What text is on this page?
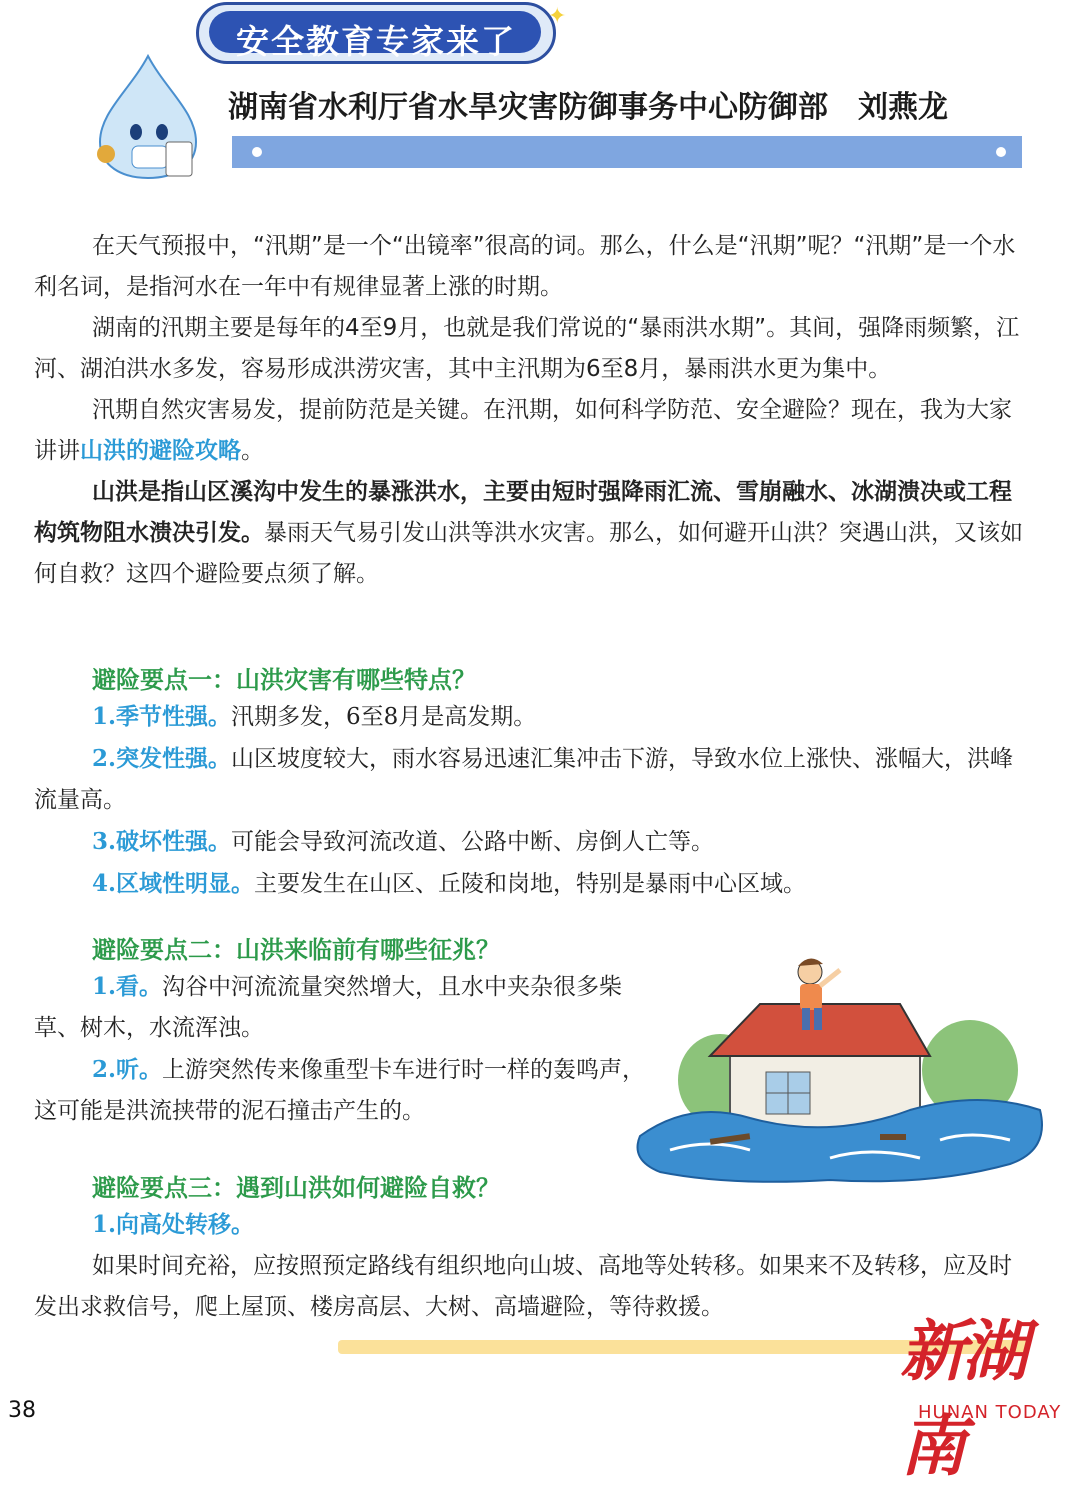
安全教育专家来了
✦
湖南省水利厅省水旱灾害防御事务中心防御部　刘燕龙

在天气预报中，“汛期”是一个“出镜率”很高的词。那么，什么是“汛期”呢？“汛期”是一个水利名词，是指河水在一年中有规律显著上涨的时期。

湖南的汛期主要是每年的4至9月，也就是我们常说的“暴雨洪水期”。其间，强降雨频繁，江河、湖泊洪水多发，容易形成洪涝灾害，其中主汛期为6至8月，暴雨洪水更为集中。

汛期自然灾害易发，提前防范是关键。在汛期，如何科学防范、安全避险？现在，我为大家讲讲山洪的避险攻略。

山洪是指山区溪沟中发生的暴涨洪水，主要由短时强降雨汇流、雪崩融水、冰湖溃决或工程构筑物阻水溃决引发。暴雨天气易引发山洪等洪水灾害。那么，如何避开山洪？突遇山洪，又该如何自救？这四个避险要点须了解。

避险要点一：山洪灾害有哪些特点？
1.季节性强。汛期多发，6至8月是高发期。
2.突发性强。山区坡度较大，雨水容易迅速汇集冲击下游，导致水位上涨快、涨幅大，洪峰流量高。
3.破坏性强。可能会导致河流改道、公路中断、房倒人亡等。
4.区域性明显。主要发生在山区、丘陵和岗地，特别是暴雨中心区域。
避险要点二：山洪来临前有哪些征兆？
1.看。沟谷中河流流量突然增大，且水中夹杂很多柴草、树木，水流浑浊。
2.听。上游突然传来像重型卡车进行时一样的轰鸣声，这可能是洪流挟带的泥石撞击产生的。
避险要点三：遇到山洪如何避险自救？
1.向高处转移。
如果时间充裕，应按照预定路线有组织地向山坡、高地等处转移。如果来不及转移，应及时发出求救信号，爬上屋顶、楼房高层、大树、高墙避险，等待救援。
38
新湖南
HUNAN TODAY
